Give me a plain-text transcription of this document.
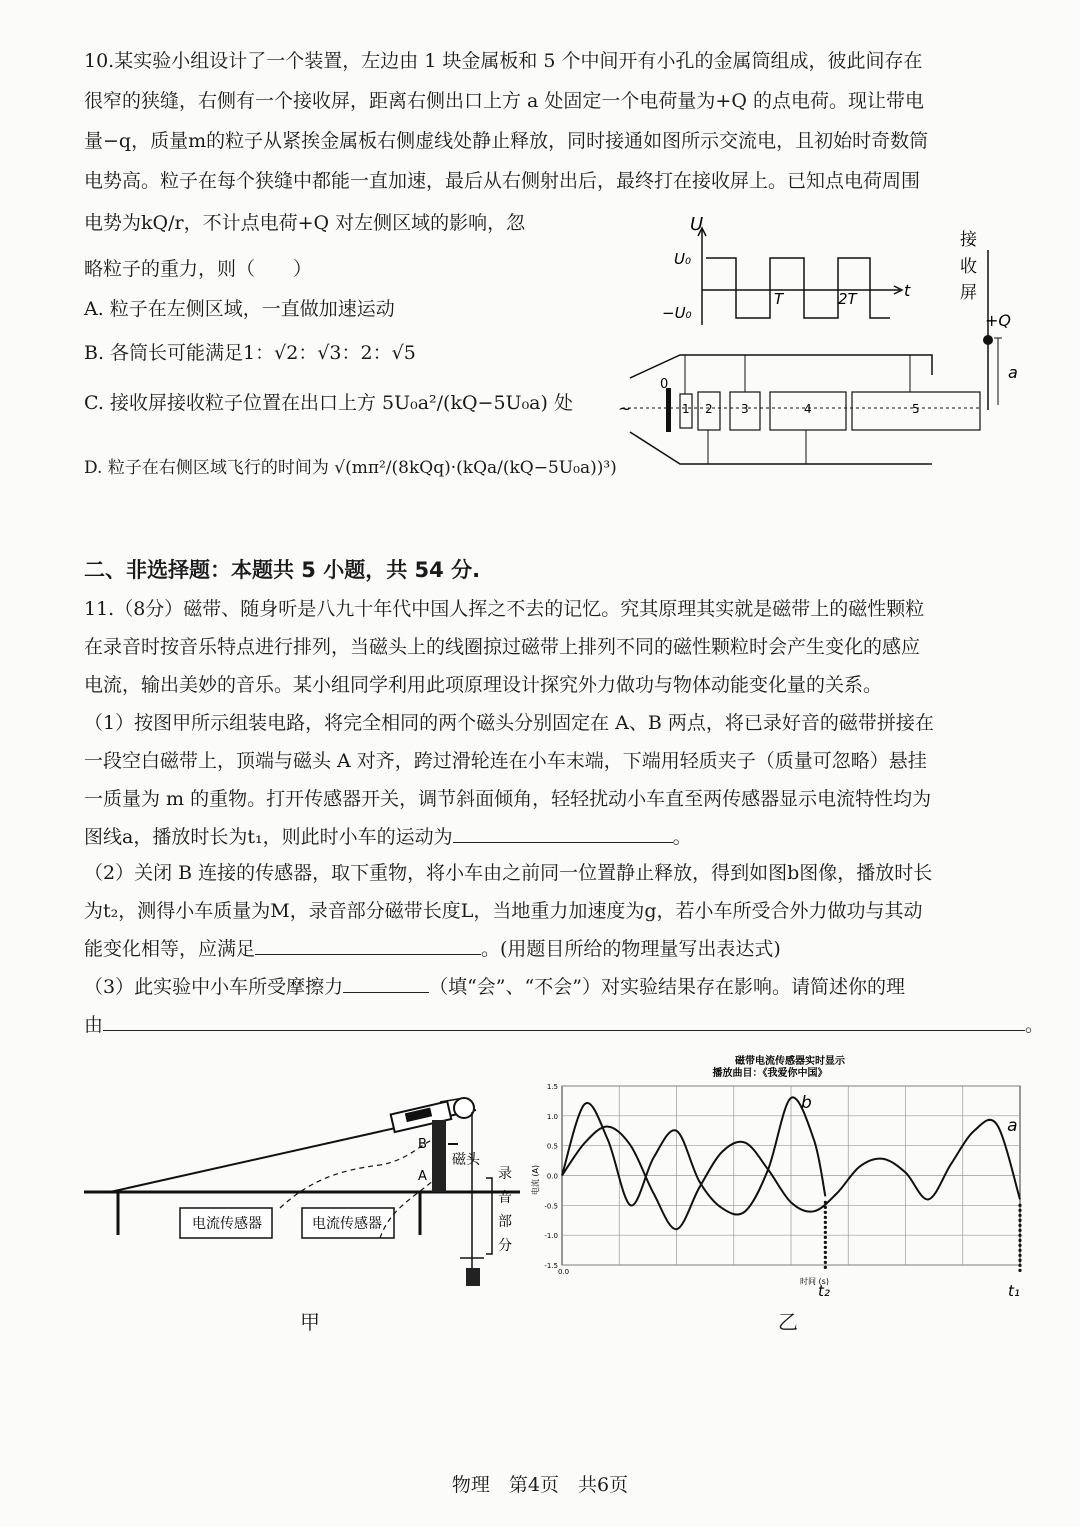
10.某实验小组设计了一个装置，左边由 1 块金属板和 5 个中间开有小孔的金属筒组成，彼此间存在
很窄的狭缝，右侧有一个接收屏，距离右侧出口上方 a 处固定一个电荷量为+Q 的点电荷。现让带电
量−q，质量m的粒子从紧挨金属板右侧虚线处静止释放，同时接通如图所示交流电，且初始时奇数筒
电势高。粒子在每个狭缝中都能一直加速，最后从右侧射出后，最终打在接收屏上。已知点电荷周围
电势为kQ/r，不计点电荷+Q 对左侧区域的影响，忽
略粒子的重力，则（　　）
A. 粒子在左侧区域，一直做加速运动
B. 各筒长可能满足1：√2：√3：2：√5
C. 接收屏接收粒子位置在出口上方 5U₀a²/(kQ−5U₀a) 处
D. 粒子在右侧区域飞行的时间为 √(mπ²/(8kQq)·(kQa/(kQ−5U₀a))³)
U
t
U₀
−U₀
T	2T
接
收
屏
+Q
a
~
0
1 2 3	4	5
二、非选择题：本题共 5 小题，共 54 分.
11.（8分）磁带、随身听是八九十年代中国人挥之不去的记忆。究其原理其实就是磁带上的磁性颗粒
在录音时按音乐特点进行排列，当磁头上的线圈掠过磁带上排列不同的磁性颗粒时会产生变化的感应
电流，输出美妙的音乐。某小组同学利用此项原理设计探究外力做功与物体动能变化量的关系。
（1）按图甲所示组装电路，将完全相同的两个磁头分别固定在 A、B 两点，将已录好音的磁带拼接在
一段空白磁带上，顶端与磁头 A 对齐，跨过滑轮连在小车末端，下端用轻质夹子（质量可忽略）悬挂
一质量为 m 的重物。打开传感器开关，调节斜面倾角，轻轻扰动小车直至两传感器显示电流特性均为
图线a，播放时长为t₁，则此时小车的运动为	。
（2）关闭 B 连接的传感器，取下重物，将小车由之前同一位置静止释放，得到如图b图像，播放时长
为t₂，测得小车质量为M，录音部分磁带长度L，当地重力加速度为g，若小车所受合外力做功与其动
能变化相等，应满足	。(用题目所给的物理量写出表达式)
（3）此实验中小车所受摩擦力	（填“会”、“不会”）对实验结果存在影响。请简述你的理
由	。
B
A
磁头
录
音
部
分
电流传感器	电流传感器
甲
磁带电流传感器实时显示
播放曲目：《我爱你中国》
电流 (A)
时间 (s)
0.0
1.5
1.0
0.5
0.0
-0.5
-1.0
-1.5
a
b
t₂	t₁
乙
物理　第4页　共6页
